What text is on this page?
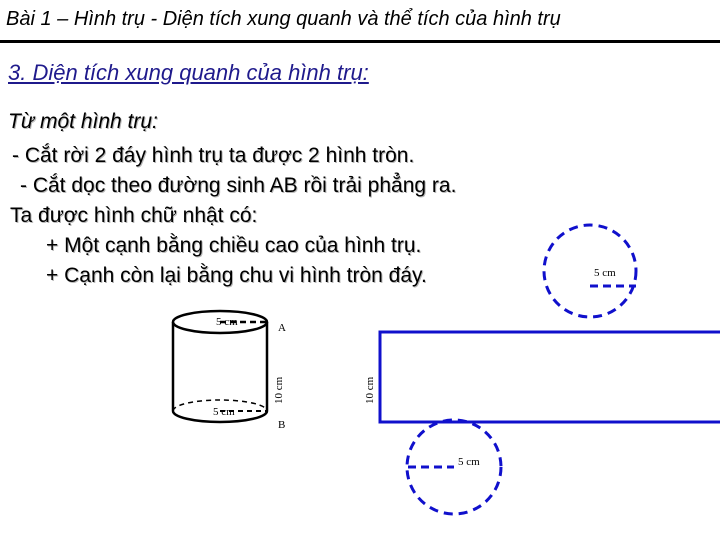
Bài 1 – Hình trụ - Diện tích xung quanh và thể tích của hình trụ
3. Diện tích xung quanh của hình trụ:
Từ một hình trụ:
- Cắt rời 2 đáy hình trụ ta được 2 hình tròn.
- Cắt dọc theo đường sinh AB rồi trải phẳng ra.
Ta được hình chữ nhật có:
+ Một cạnh bằng chiều cao của hình trụ.
+ Cạnh còn lại bằng chu vi hình tròn đáy.
5 cm
5 cm
10 cm
A
B
10 cm
5 cm
5 cm
